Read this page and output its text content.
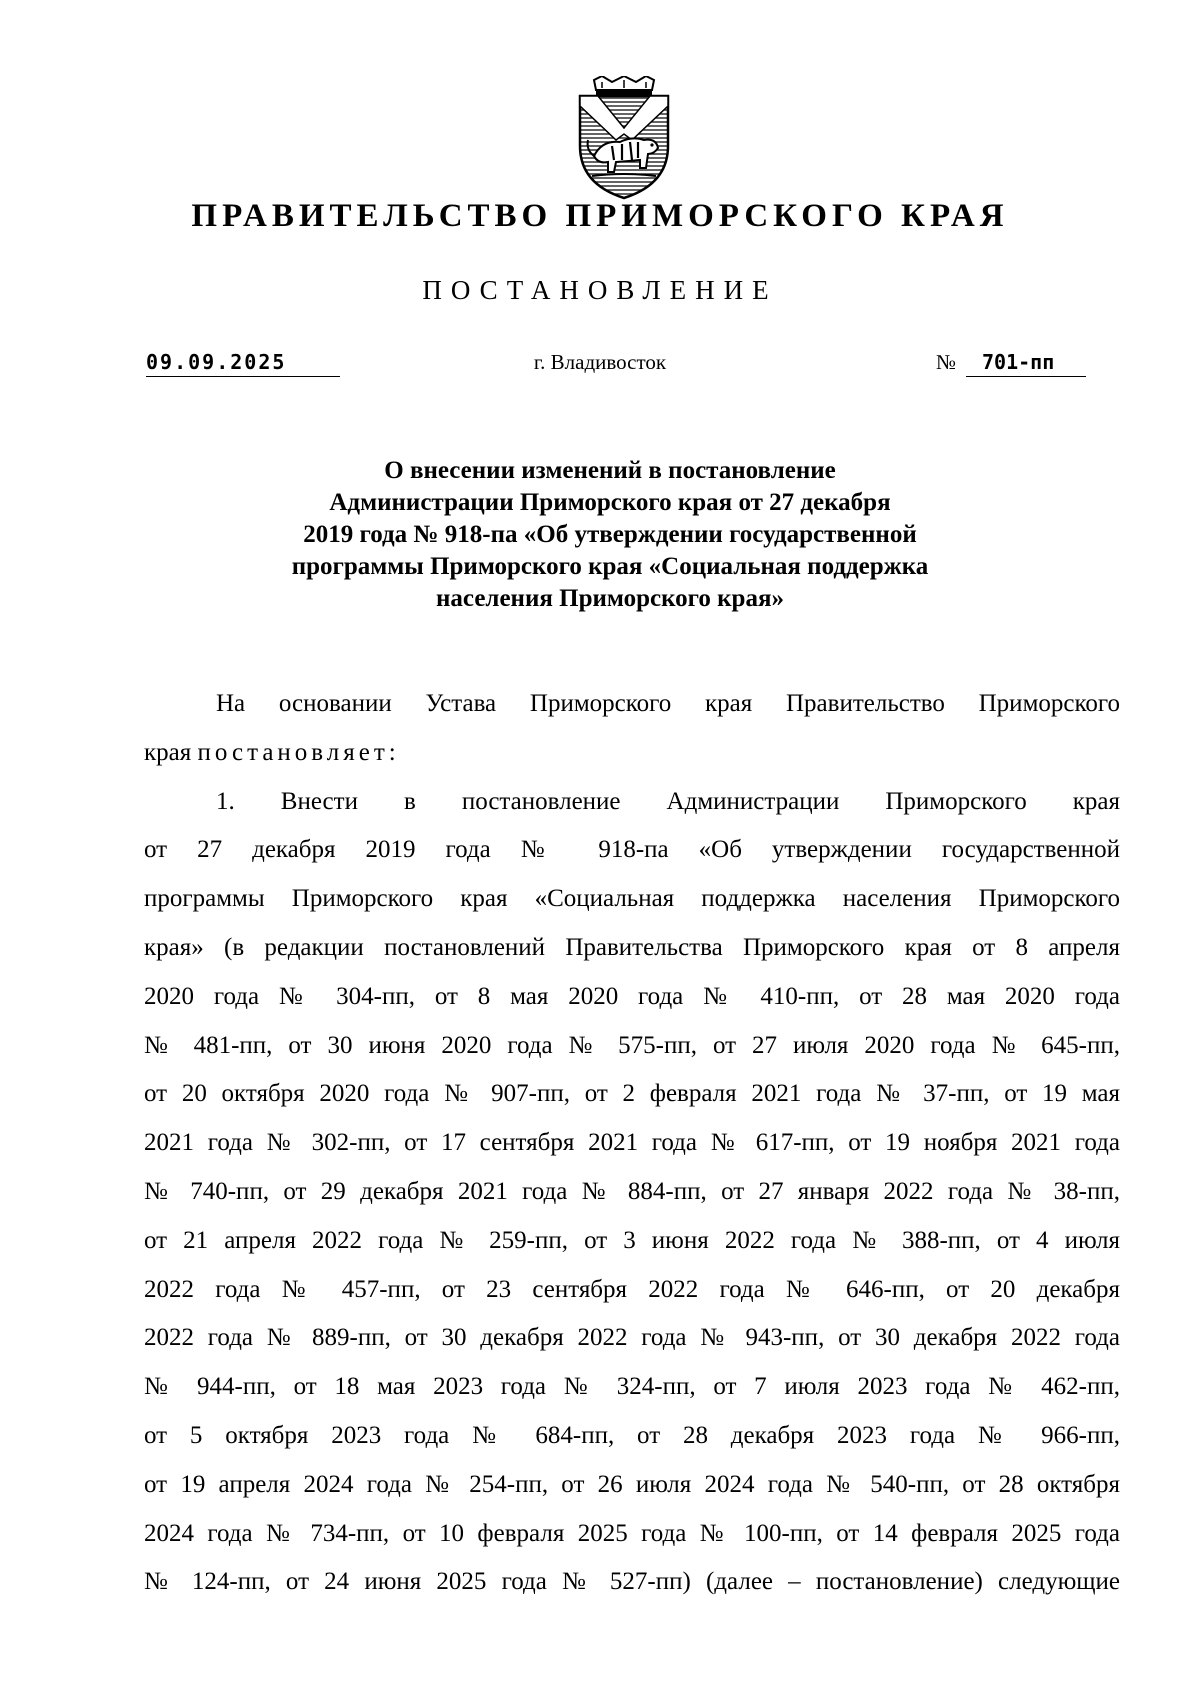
ПРАВИТЕЛЬСТВО ПРИМОРСКОГО КРАЯ
ПОСТАНОВЛЕНИЕ
09.09.2025	г. Владивосток	№	701-пп
О внесении изменений в постановление
Администрации Приморского края от 27 декабря
2019 года № 918-па «Об утверждении государственной
программы Приморского края «Социальная поддержка
населения Приморского края»
На основании Устава Приморского края Правительство Приморского
края постановляет:
1. Внести в постановление Администрации Приморского края
от 27 декабря 2019 года № 918-па «Об утверждении государственной
программы Приморского края «Социальная поддержка населения Приморского
края» (в редакции постановлений Правительства Приморского края от 8 апреля
2020 года № 304-пп, от 8 мая 2020 года № 410-пп, от 28 мая 2020 года
№ 481-пп, от 30 июня 2020 года № 575-пп, от 27 июля 2020 года № 645-пп,
от 20 октября 2020 года № 907-пп, от 2 февраля 2021 года № 37-пп, от 19 мая
2021 года № 302-пп, от 17 сентября 2021 года № 617-пп, от 19 ноября 2021 года
№ 740-пп, от 29 декабря 2021 года № 884-пп, от 27 января 2022 года № 38-пп,
от 21 апреля 2022 года № 259-пп, от 3 июня 2022 года № 388-пп, от 4 июля
2022 года № 457-пп, от 23 сентября 2022 года № 646-пп, от 20 декабря
2022 года № 889-пп, от 30 декабря 2022 года № 943-пп, от 30 декабря 2022 года
№ 944-пп, от 18 мая 2023 года № 324-пп, от 7 июля 2023 года № 462-пп,
от 5 октября 2023 года № 684-пп, от 28 декабря 2023 года № 966-пп,
от 19 апреля 2024 года № 254-пп, от 26 июля 2024 года № 540-пп, от 28 октября
2024 года № 734-пп, от 10 февраля 2025 года № 100-пп, от 14 февраля 2025 года
№ 124-пп, от 24 июня 2025 года № 527-пп) (далее – постановление) следующие
